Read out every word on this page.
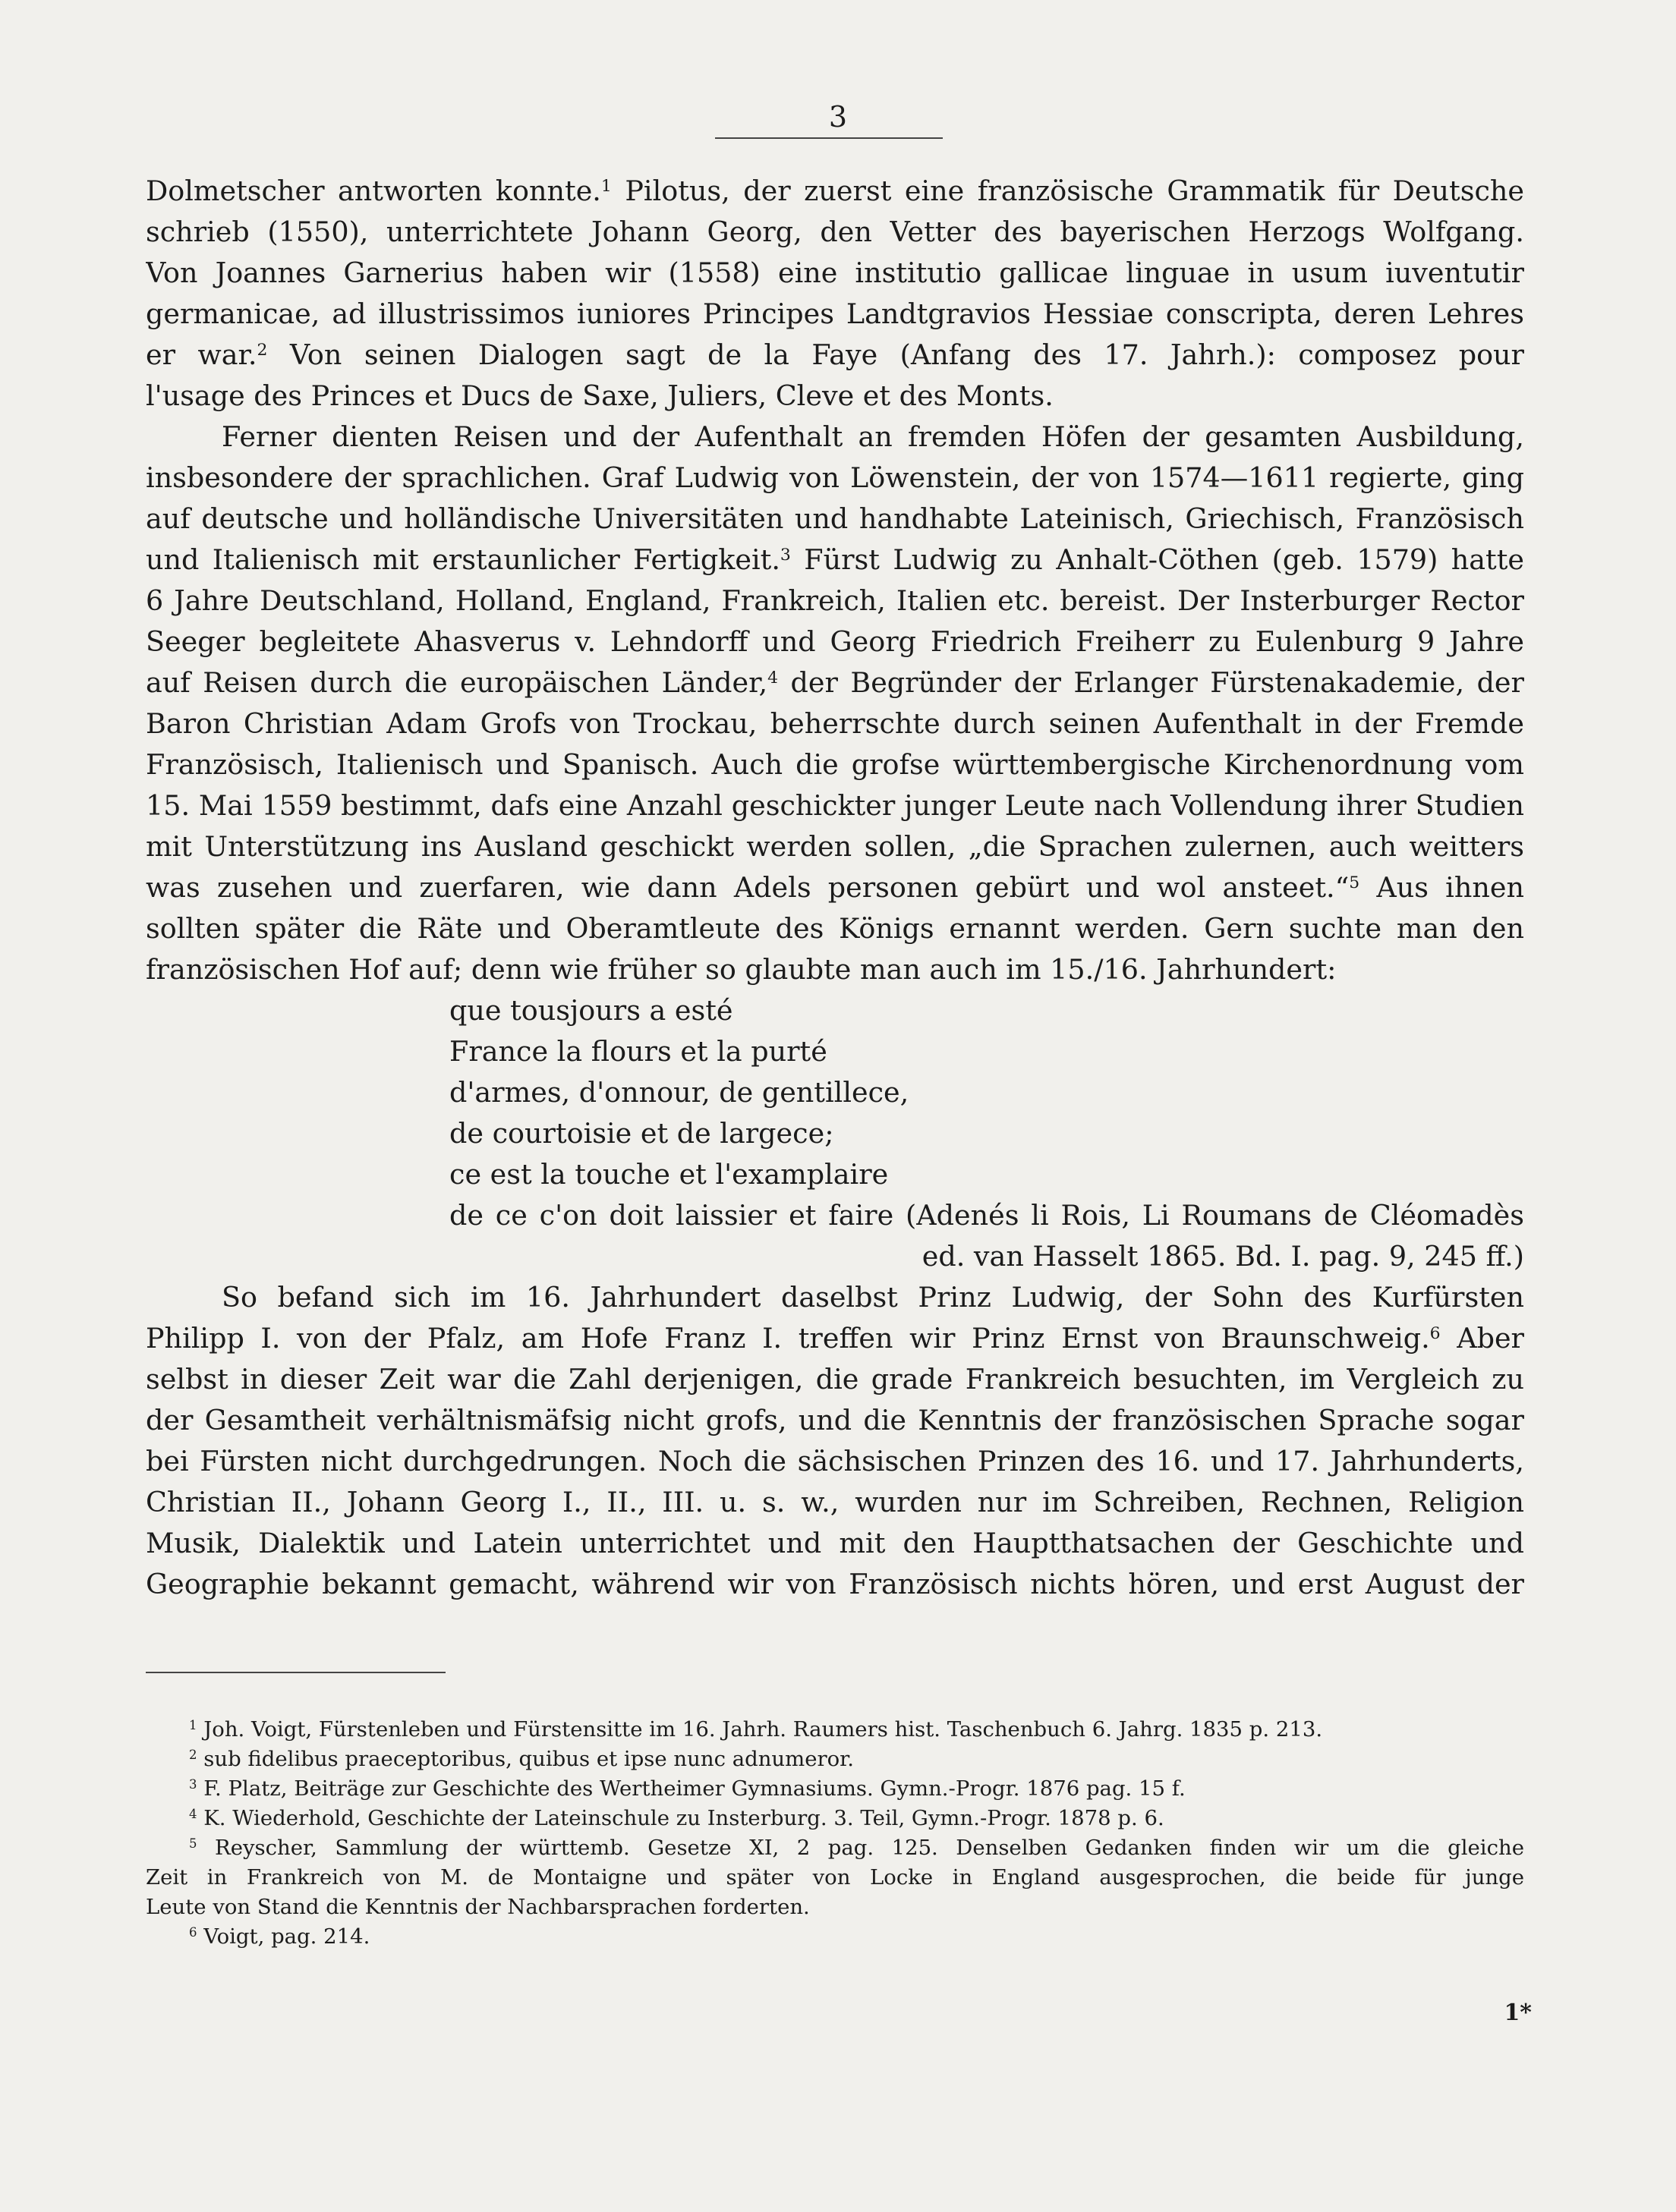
3
Dolmetscher antworten konnte.$^1$ Pilotus, der zuerst eine französische Grammatik für Deutsche
schrieb (1550), unterrichtete Johann Georg, den Vetter des bayerischen Herzogs Wolfgang.
Von Joannes Garnerius haben wir (1558) eine institutio gallicae linguae in usum iuventutir
germanicae, ad illustrissimos iuniores Principes Landtgravios Hessiae conscripta, deren Lehres
er war.$^2$ Von seinen Dialogen sagt de la Faye (Anfang des 17. Jahrh.): composez pour
l'usage des Princes et Ducs de Saxe, Juliers, Cleve et des Monts.
Ferner dienten Reisen und der Aufenthalt an fremden Höfen der gesamten Ausbildung,
insbesondere der sprachlichen. Graf Ludwig von Löwenstein, der von 1574—1611 regierte, ging
auf deutsche und holländische Universitäten und handhabte Lateinisch, Griechisch, Französisch
und Italienisch mit erstaunlicher Fertigkeit.$^3$ Fürst Ludwig zu Anhalt-Cöthen (geb. 1579) hatte
6 Jahre Deutschland, Holland, England, Frankreich, Italien etc. bereist. Der Insterburger Rector
Seeger begleitete Ahasverus v. Lehndorff und Georg Friedrich Freiherr zu Eulenburg 9 Jahre
auf Reisen durch die europäischen Länder,$^4$ der Begründer der Erlanger Fürstenakademie, der
Baron Christian Adam Grofs von Trockau, beherrschte durch seinen Aufenthalt in der Fremde
Französisch, Italienisch und Spanisch. Auch die grofse württembergische Kirchenordnung vom
15. Mai 1559 bestimmt, dafs eine Anzahl geschickter junger Leute nach Vollendung ihrer Studien
mit Unterstützung ins Ausland geschickt werden sollen, „die Sprachen zulernen, auch weitters
was zusehen und zuerfaren, wie dann Adels personen gebürt und wol ansteet.“$^5$ Aus ihnen
sollten später die Räte und Oberamtleute des Königs ernannt werden. Gern suchte man den
französischen Hof auf; denn wie früher so glaubte man auch im 15./16. Jahrhundert:
que tousjours a esté
France la flours et la purté
d'armes, d'onnour, de gentillece,
de courtoisie et de largece;
ce est la touche et l'examplaire
de ce c'on doit laissier et faire (Adenés li Rois, Li Roumans de Cléomadès
ed. van Hasselt 1865. Bd. I. pag. 9, 245 ff.)
So befand sich im 16. Jahrhundert daselbst Prinz Ludwig, der Sohn des Kurfürsten
Philipp I. von der Pfalz, am Hofe Franz I. treffen wir Prinz Ernst von Braunschweig.$^6$ Aber
selbst in dieser Zeit war die Zahl derjenigen, die grade Frankreich besuchten, im Vergleich zu
der Gesamtheit verhältnismäfsig nicht grofs, und die Kenntnis der französischen Sprache sogar
bei Fürsten nicht durchgedrungen. Noch die sächsischen Prinzen des 16. und 17. Jahrhunderts,
Christian II., Johann Georg I., II., III. u. s. w., wurden nur im Schreiben, Rechnen, Religion
Musik, Dialektik und Latein unterrichtet und mit den Hauptthatsachen der Geschichte und
Geographie bekannt gemacht, während wir von Französisch nichts hören, und erst August der
$^1$ Joh. Voigt, Fürstenleben und Fürstensitte im 16. Jahrh. Raumers hist. Taschenbuch 6. Jahrg. 1835 p. 213.
$^2$ sub fidelibus praeceptoribus, quibus et ipse nunc adnumeror.
$^3$ F. Platz, Beiträge zur Geschichte des Wertheimer Gymnasiums. Gymn.-Progr. 1876 pag. 15 f.
$^4$ K. Wiederhold, Geschichte der Lateinschule zu Insterburg. 3. Teil, Gymn.-Progr. 1878 p. 6.
$^5$ Reyscher, Sammlung der württemb. Gesetze XI, 2 pag. 125. Denselben Gedanken finden wir um die gleiche
Zeit in Frankreich von M. de Montaigne und später von Locke in England ausgesprochen, die beide für junge
Leute von Stand die Kenntnis der Nachbarsprachen forderten.
$^6$ Voigt, pag. 214.
1*
